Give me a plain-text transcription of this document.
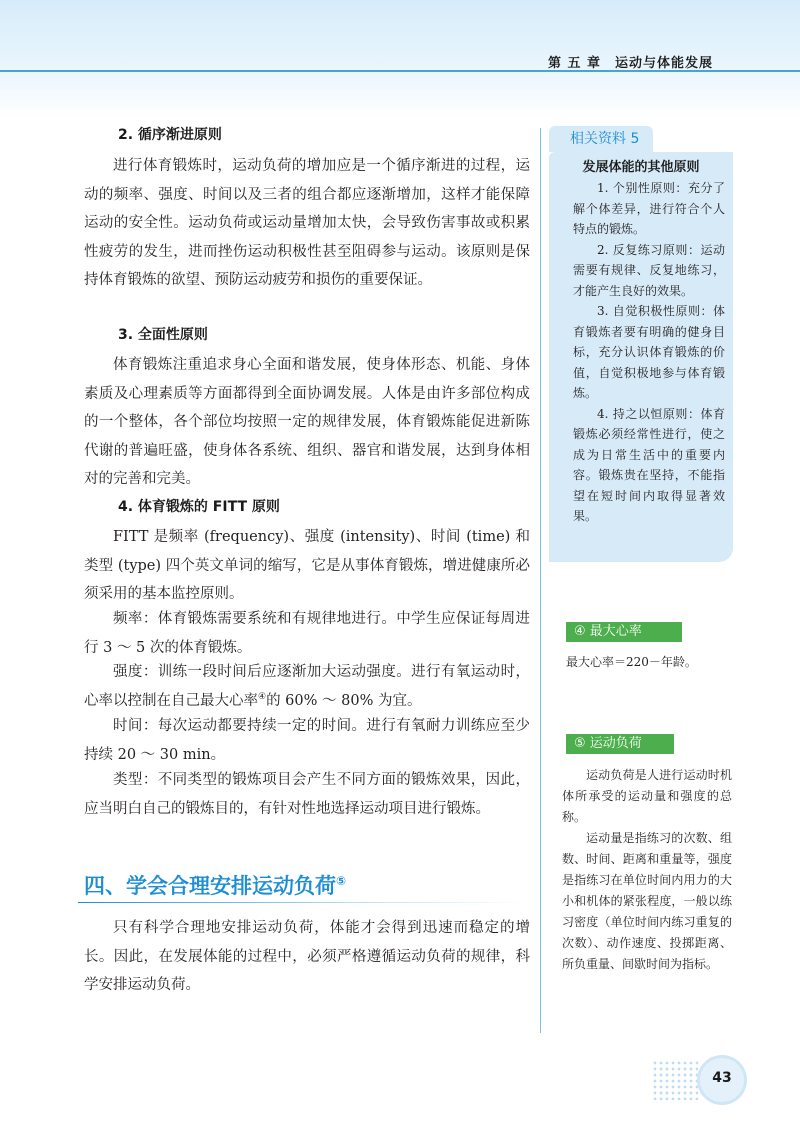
第 五 章　运动与体能发展
2. 循序渐进原则

进行体育锻炼时，运动负荷的增加应是一个循序渐进的过程，运动的频率、强度、时间以及三者的组合都应逐渐增加，这样才能保障运动的安全性。运动负荷或运动量增加太快，会导致伤害事故或积累性疲劳的发生，进而挫伤运动积极性甚至阻碍参与运动。该原则是保持体育锻炼的欲望、预防运动疲劳和损伤的重要保证。

3. 全面性原则

体育锻炼注重追求身心全面和谐发展，使身体形态、机能、身体素质及心理素质等方面都得到全面协调发展。人体是由许多部位构成的一个整体，各个部位均按照一定的规律发展，体育锻炼能促进新陈代谢的普遍旺盛，使身体各系统、组织、器官和谐发展，达到身体相对的完善和完美。

4. 体育锻炼的 FITT 原则

FITT 是频率 (frequency)、强度 (intensity)、时间 (time) 和类型 (type) 四个英文单词的缩写，它是从事体育锻炼，增进健康所必须采用的基本监控原则。

频率：体育锻炼需要系统和有规律地进行。中学生应保证每周进行 3 ～ 5 次的体育锻炼。

强度：训练一段时间后应逐渐加大运动强度。进行有氧运动时，心率以控制在自己最大心率④的 60% ～ 80% 为宜。

时间：每次运动都要持续一定的时间。进行有氧耐力训练应至少持续 20 ～ 30 min。

类型：不同类型的锻炼项目会产生不同方面的锻炼效果，因此，应当明白自己的锻炼目的，有针对性地选择运动项目进行锻炼。

四、学会合理安排运动负荷⑤

只有科学合理地安排运动负荷，体能才会得到迅速而稳定的增长。因此，在发展体能的过程中，必须严格遵循运动负荷的规律，科学安排运动负荷。

相关资料 5
发展体能的其他原则

1. 个别性原则：充分了解个体差异，进行符合个人特点的锻炼。

2. 反复练习原则：运动需要有规律、反复地练习，才能产生良好的效果。

3. 自觉积极性原则：体育锻炼者要有明确的健身目标，充分认识体育锻炼的价值，自觉积极地参与体育锻炼。

4. 持之以恒原则：体育锻炼必须经常性进行，使之成为日常生活中的重要内容。锻炼贵在坚持，不能指望在短时间内取得显著效果。

④ 最大心率

最大心率＝220－年龄。

⑤ 运动负荷

运动负荷是人进行运动时机体所承受的运动量和强度的总称。

运动量是指练习的次数、组数、时间、距离和重量等，强度是指练习在单位时间内用力的大小和机体的紧张程度，一般以练习密度（单位时间内练习重复的次数）、动作速度、投掷距离、所负重量、间歇时间为指标。

43
